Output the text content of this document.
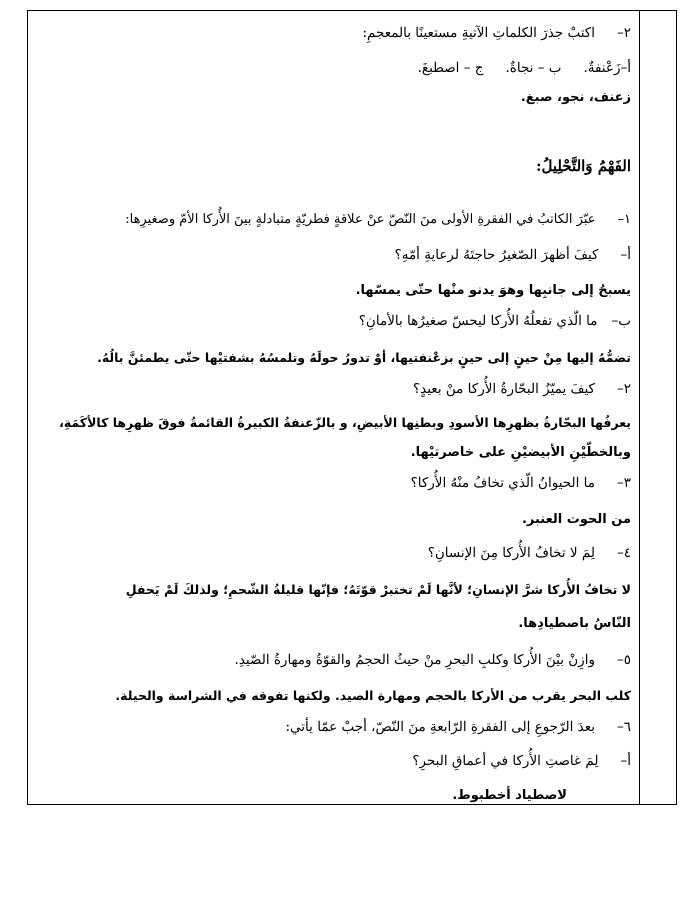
٢–اكتبْ جذرَ الكلماتِ الآتيةِ مستعينًا بالمعجمِ:
أ–زَعْنفةٌ.ب – نجاةٌ.ج – اصطبغَ.
زعنف، نجو، صبغ.
الفَهْمُ وَالتَّحْلِيلُ:
١–عبّرَ الكاتبُ في الفقرةِ الأولى منَ النّصّ عنْ علاقةٍ فطريّةٍ متبادلةٍ بينَ الأُركا الأمّ وصغيرِها:
أ–كيفَ أظهرَ الصّغيرُ حاجتَهُ لرعايةِ أمّهِ؟
يسبحُ إلى جانبِها وهوَ يدنو منْها حتّى يمسّها.
ب–ما الّذي تفعلُهُ الأُركا ليحسّ صغيرُها بالأمانِ؟
تضمُّهُ إليها مِنْ حينٍ إلى حينٍ بزعْنفتيها، أوْ تدورُ حولَهُ وتلمسُهُ بشفتيْها حتّى يطمئنَّ بالُهُ.
٢–كيفَ يميّزُ البحّارةُ الأُركا منْ بعيدٍ؟
يعرفُها البحّارةُ بظهرِها الأسودِ وبطنِها الأبيضِ، و بالزّعنفةُ الكبيرةُ القائمةُ فوقَ ظهرِها كالأكَمَةِ،
وبالخطّيْنِ الأبيضيْنِ على خاصرتيْها.
٣–ما الحيوانُ الّذي تخافُ منْهُ الأُركا؟
من الحوت العنبر.
٤–لِمَ لا تخافُ الأُركا مِنَ الإنسانِ؟
لا تخافُ الأُركا شرَّ الإنسانِ؛ لأنَّها لَمْ تختبرْ قوّتَهُ؛ فإنّها قليلةُ الشّحمِ؛ ولذلكَ لَمْ يَحفلِ
النّاسُ باصطيادِها.
٥–وازِنْ بيْنَ الأُركا وكلبِ البحرِ منْ حيثُ الحجمُ والقوّةُ ومهارةُ الصّيدِ.
كلب البحر يقرب من الأركا بالحجم ومهارة الصيد. ولكنها تفوقه في الشراسة والحيلة.
٦–بعدَ الرّجوعِ إلى الفقرةِ الرّابعةِ منَ النّصّ، أجبْ عمّا يأتي:
أ–لِمَ غاصتِ الأُركا في أعماقِ البحرِ؟
لاصطياد أخطبوط.
